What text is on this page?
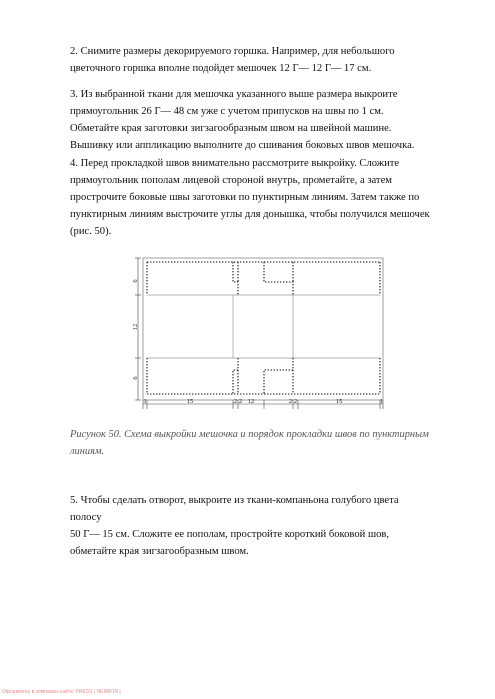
2. Снимите размеры декорируемого горшка. Например, для небольшого
цветочного горшка вполне подойдет мешочек 12 Г— 12 Г— 17 см.

3. Из выбранной ткани для мешочка указанного выше размера выкроите
прямоугольник 26 Г— 48 см уже с учетом припусков на швы по 1 см.
Обметайте края заготовки зигзагообразным швом на швейной машине.
Вышивку или аппликацию выполните до сшивания боковых швов мешочка.

4. Перед прокладкой швов внимательно рассмотрите выкройку. Сложите
прямоугольник пополам лицевой стороной внутрь, прометайте, а затем
прострочите боковые швы заготовки по пунктирным линиям. Затем также по
пунктирным линиям выстрочите углы для донышка, чтобы получился мешочек
(рис. 50).

6
12
6
1	15	2 2 12	2 2	15	1

Рисунок 50. Схема выкройки мешочка и порядок прокладки швов по пунктирным
линиям.

5. Чтобы сделать отворот, выкроите из ткани-компаньона голубого цвета полосу
50 Г— 15 см. Сложите ее пополам, простройте короткий боковой шов,
обметайте края зигзагообразным швом.

Оформлено в компании-сайте: PRESS | HERBON |
